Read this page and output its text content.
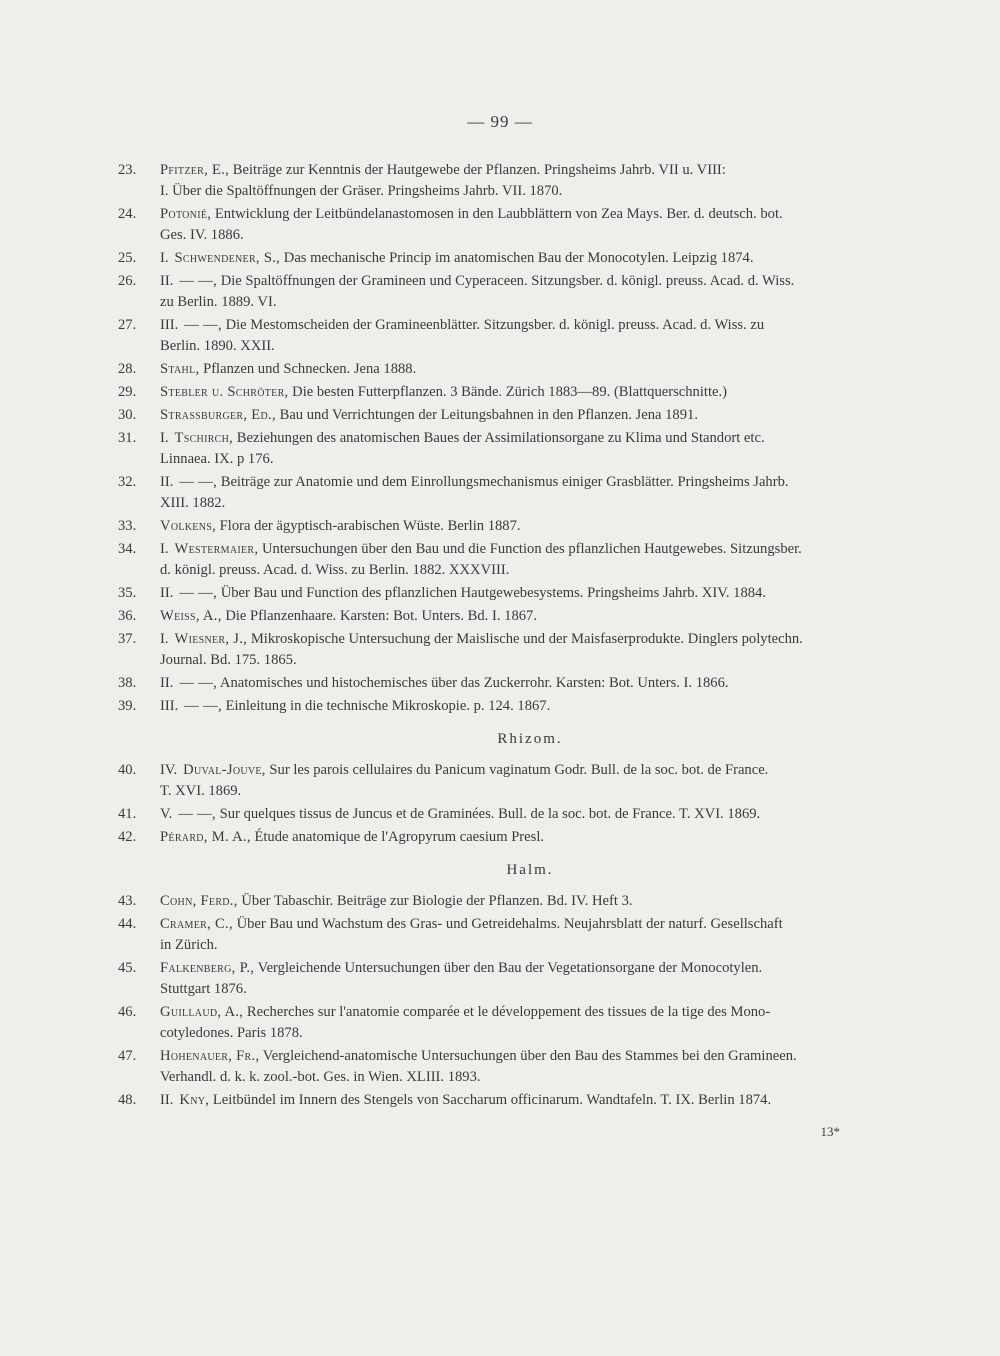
— 99 —
23.	Pfitzer, E., Beiträge zur Kenntnis der Hautgewebe der Pflanzen. Pringsheims Jahrb. VII u. VIII:
I. Über die Spaltöffnungen der Gräser. Pringsheims Jahrb. VII. 1870.
24.	Potonié, Entwicklung der Leitbündelanastomosen in den Laubblättern von Zea Mays. Ber. d. deutsch. bot.
Ges. IV. 1886.
25.	I. Schwendener, S., Das mechanische Princip im anatomischen Bau der Monocotylen. Leipzig 1874.
26.	II. — —, Die Spaltöffnungen der Gramineen und Cyperaceen. Sitzungsber. d. königl. preuss. Acad. d. Wiss.
zu Berlin. 1889. VI.
27.	III. — —, Die Mestomscheiden der Gramineenblätter. Sitzungsber. d. königl. preuss. Acad. d. Wiss. zu
Berlin. 1890. XXII.
28.	Stahl, Pflanzen und Schnecken. Jena 1888.
29.	Stebler u. Schröter, Die besten Futterpflanzen. 3 Bände. Zürich 1883—89. (Blattquerschnitte.)
30.	Strassburger, Ed., Bau und Verrichtungen der Leitungsbahnen in den Pflanzen. Jena 1891.
31.	I. Tschirch, Beziehungen des anatomischen Baues der Assimilationsorgane zu Klima und Standort etc.
Linnaea. IX. p 176.
32.	II. — —, Beiträge zur Anatomie und dem Einrollungsmechanismus einiger Grasblätter. Pringsheims Jahrb.
XIII. 1882.
33.	Volkens, Flora der ägyptisch-arabischen Wüste. Berlin 1887.
34.	I. Westermaier, Untersuchungen über den Bau und die Function des pflanzlichen Hautgewebes. Sitzungsber.
d. königl. preuss. Acad. d. Wiss. zu Berlin. 1882. XXXVIII.
35.	II. — —, Über Bau und Function des pflanzlichen Hautgewebesystems. Pringsheims Jahrb. XIV. 1884.
36.	Weiss, A., Die Pflanzenhaare. Karsten: Bot. Unters. Bd. I. 1867.
37.	I. Wiesner, J., Mikroskopische Untersuchung der Maislische und der Maisfaserprodukte. Dinglers polytechn.
Journal. Bd. 175. 1865.
38.	II. — —, Anatomisches und histochemisches über das Zuckerrohr. Karsten: Bot. Unters. I. 1866.
39.	III. — —, Einleitung in die technische Mikroskopie. p. 124. 1867.
Rhizom.
40.	IV. Duval-Jouve, Sur les parois cellulaires du Panicum vaginatum Godr. Bull. de la soc. bot. de France.
T. XVI. 1869.
41.	V. — —, Sur quelques tissus de Juncus et de Graminées. Bull. de la soc. bot. de France. T. XVI. 1869.
42.	Pérard, M. A., Étude anatomique de l'Agropyrum caesium Presl.
Halm.
43.	Cohn, Ferd., Über Tabaschir. Beiträge zur Biologie der Pflanzen. Bd. IV. Heft 3.
44.	Cramer, C., Über Bau und Wachstum des Gras- und Getreidehalms. Neujahrsblatt der naturf. Gesellschaft
in Zürich.
45.	Falkenberg, P., Vergleichende Untersuchungen über den Bau der Vegetationsorgane der Monocotylen.
Stuttgart 1876.
46.	Guillaud, A., Recherches sur l'anatomie comparée et le développement des tissues de la tige des Mono-
cotyledones. Paris 1878.
47.	Hohenauer, Fr., Vergleichend-anatomische Untersuchungen über den Bau des Stammes bei den Gramineen.
Verhandl. d. k. k. zool.-bot. Ges. in Wien. XLIII. 1893.
48.	II. Kny, Leitbündel im Innern des Stengels von Saccharum officinarum. Wandtafeln. T. IX. Berlin 1874.
13*
